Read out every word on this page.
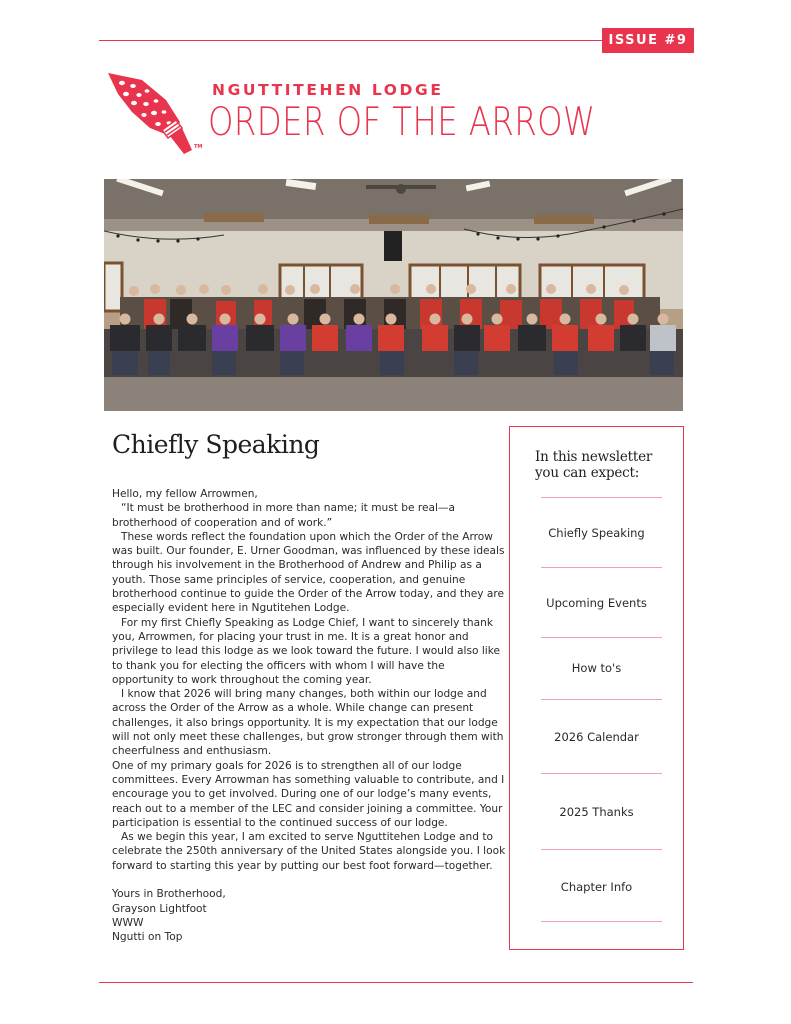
ISSUE #9
TM
NGUTTITEHEN LODGE
ORDER OF THE ARROW
Chiefly Speaking

Hello, my fellow Arrowmen,

“It must be brotherhood in more than name; it must be real—a brotherhood of cooperation and of work.”

These words reflect the foundation upon which the Order of the Arrow was built. Our founder, E. Urner Goodman, was influenced by these ideals through his involvement in the Brotherhood of Andrew and Philip as a youth. Those same principles of service, cooperation, and genuine brotherhood continue to guide the Order of the Arrow today, and they are especially evident here in Ngutitehen Lodge.

For my first Chiefly Speaking as Lodge Chief, I want to sincerely thank you, Arrowmen, for placing your trust in me. It is a great honor and privilege to lead this lodge as we look toward the future. I would also like to thank you for electing the officers with whom I will have the opportunity to work throughout the coming year.

I know that 2026 will bring many changes, both within our lodge and across the Order of the Arrow as a whole. While change can present challenges, it also brings opportunity. It is my expectation that our lodge will not only meet these challenges, but grow stronger through them with cheerfulness and enthusiasm.

One of my primary goals for 2026 is to strengthen all of our lodge committees. Every Arrowman has something valuable to contribute, and I encourage you to get involved. During one of our lodge’s many events, reach out to a member of the LEC and consider joining a committee. Your participation is essential to the continued success of our lodge.

As we begin this year, I am excited to serve Nguttitehen Lodge and to celebrate the 250th anniversary of the United States alongside you. I look forward to starting this year by putting our best foot forward—together.

Yours in Brotherhood,

Grayson Lightfoot

WWW

Ngutti on Top

In this newsletter you can expect:
Chiefly Speaking
Upcoming Events
How to's
2026 Calendar
2025 Thanks
Chapter Info
